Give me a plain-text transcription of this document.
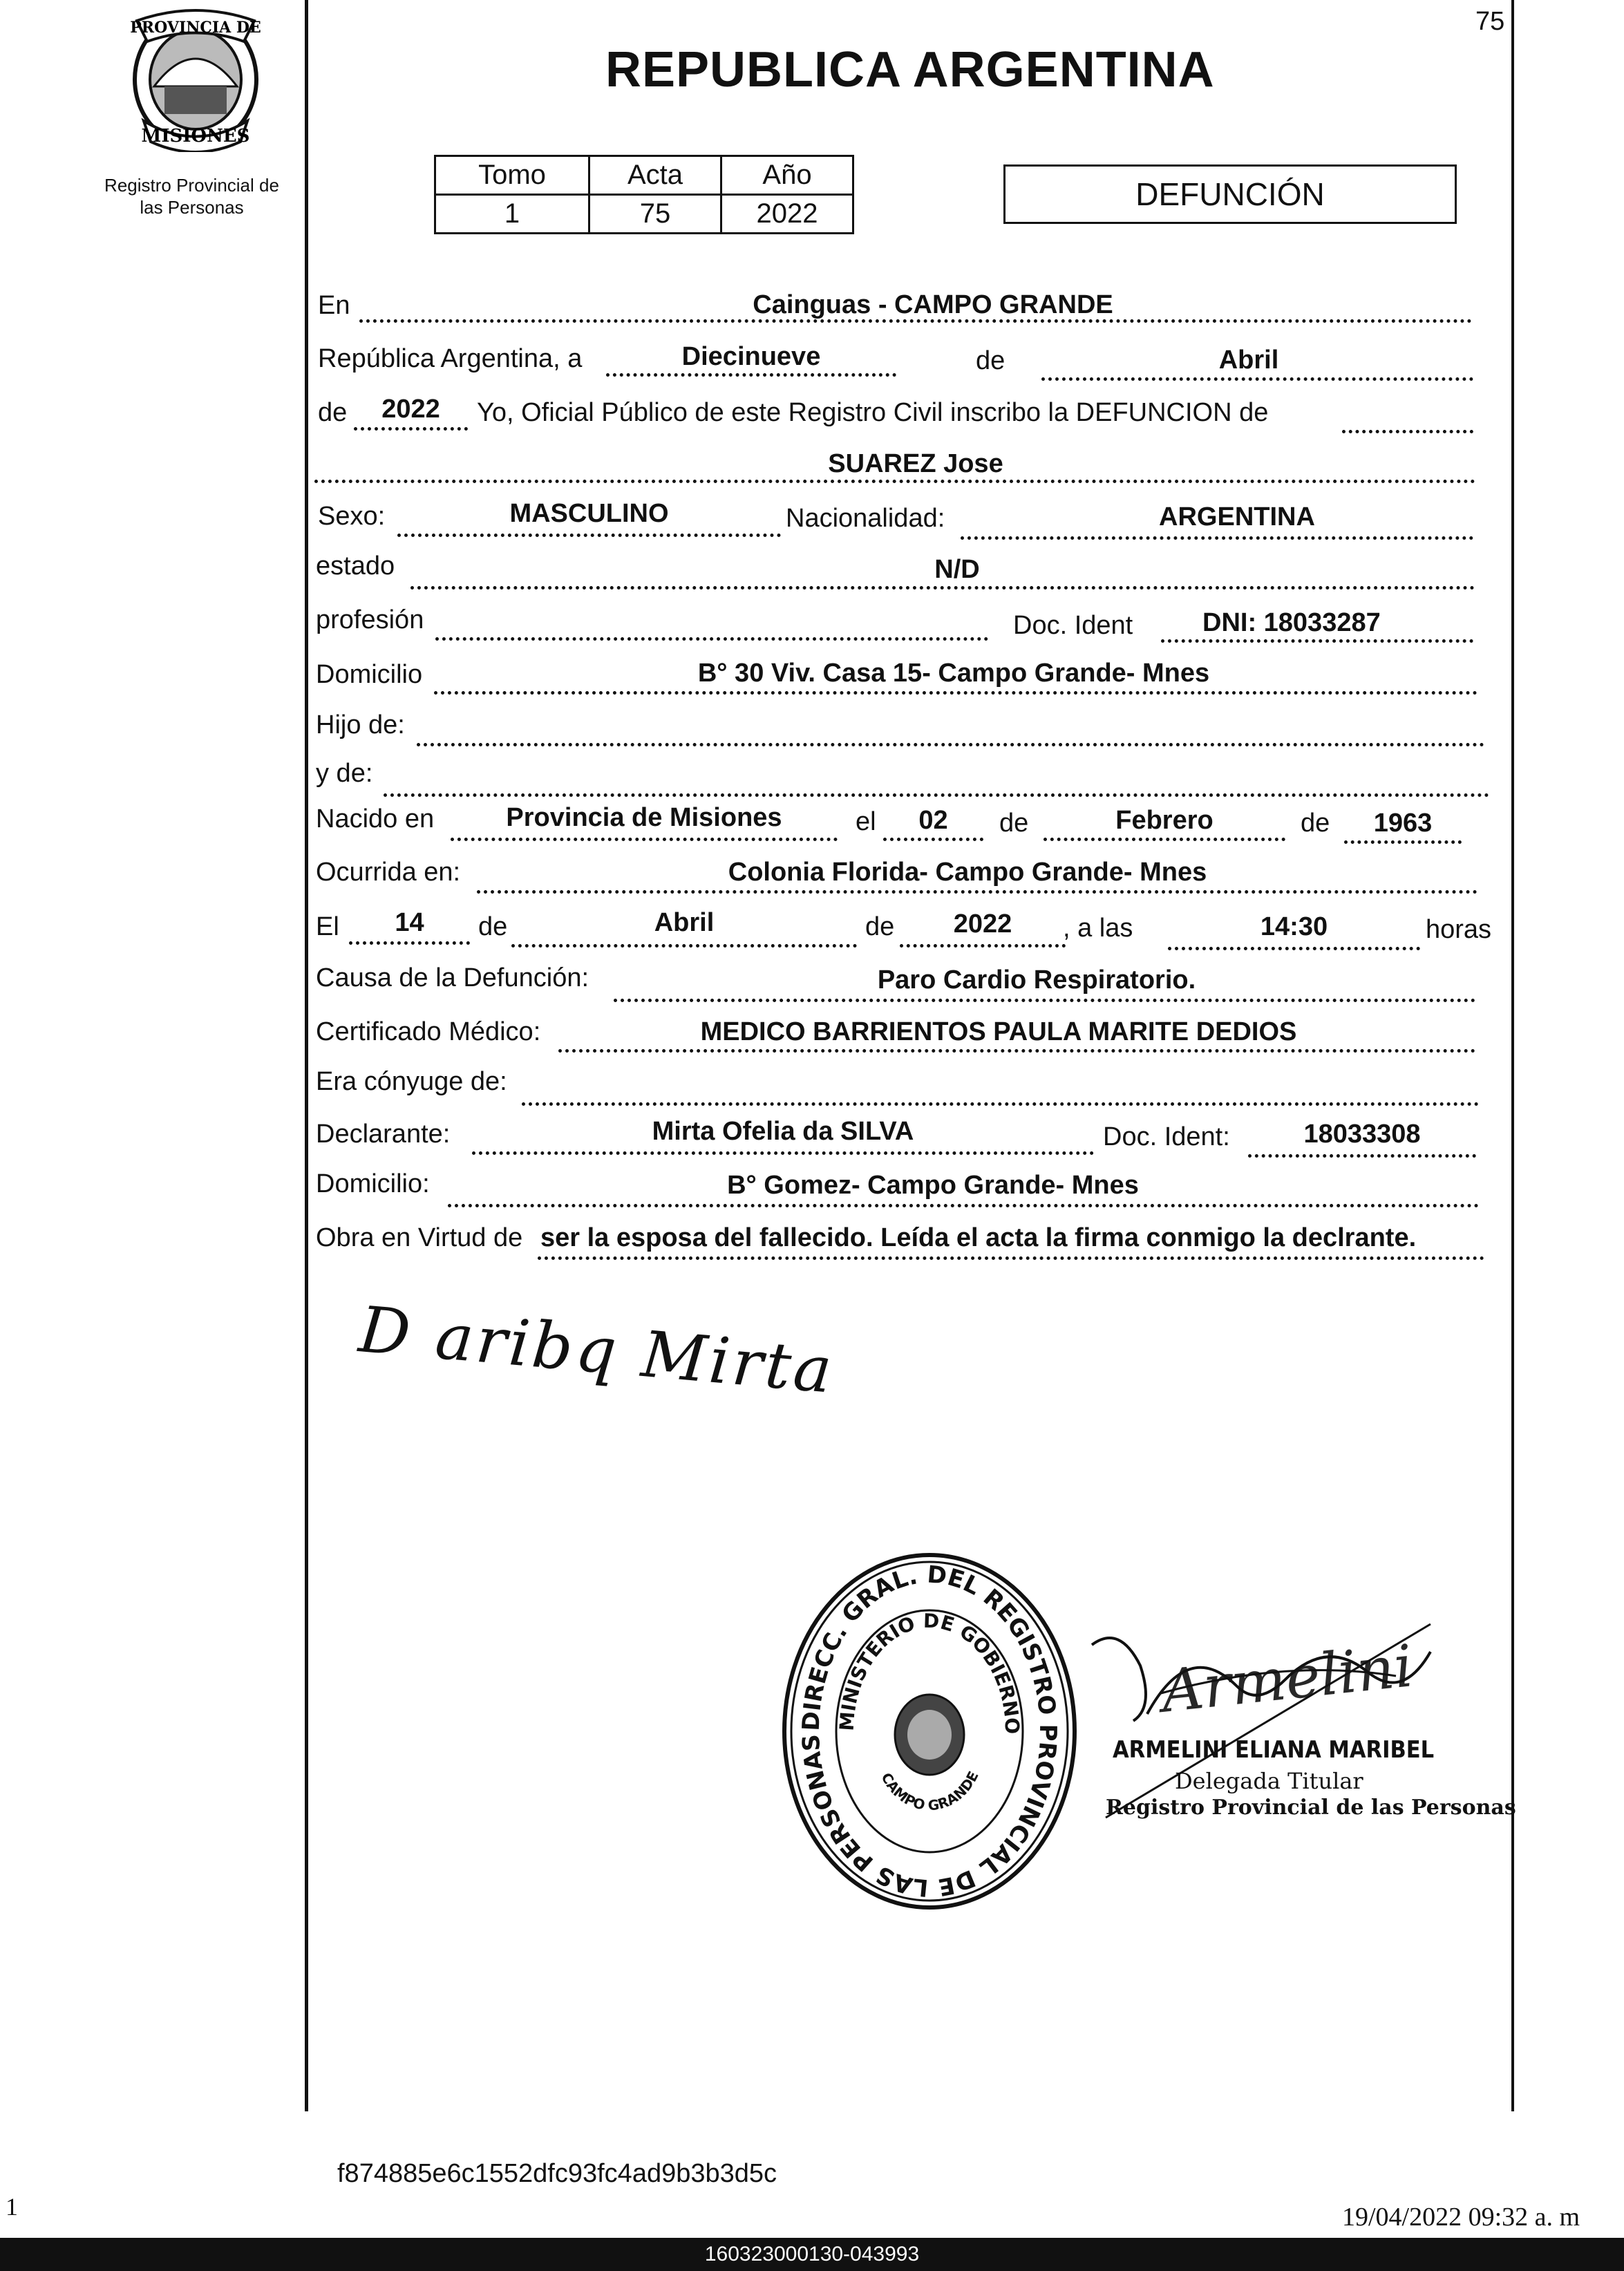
75
PROVINCIA DE
MISIONES
Registro Provincial de
las Personas
REPUBLICA ARGENTINA
Tomo	Acta	Año
1	75	2022
DEFUNCIÓN
En	Cainguas - CAMPO GRANDE
República Argentina, a	Diecinueve	de	Abril
de	2022	Yo, Oficial Público de este Registro Civil inscribo la DEFUNCION de
SUAREZ Jose
Sexo:	MASCULINO	Nacionalidad:	ARGENTINA
estado	N/D
profesión	Doc. Ident	DNI: 18033287
Domicilio	B° 30 Viv. Casa 15- Campo Grande- Mnes
Hijo de:
y de:
Nacido en	Provincia de Misiones	el	02	de	Febrero	de	1963
Ocurrida en:	Colonia Florida- Campo Grande- Mnes
El	14	de	Abril	de	2022	, a las	14:30	horas
Causa de la Defunción:	Paro Cardio Respiratorio.
Certificado Médico:	MEDICO BARRIENTOS PAULA MARITE DEDIOS
Era cónyuge de:
Declarante:	Mirta Ofelia da SILVA	Doc. Ident:	18033308
Domicilio:	B° Gomez- Campo Grande- Mnes
Obra en Virtud de ser la esposa del fallecido. Leída el acta la firma conmigo la declrante.
D aribq Mirta
DIRECC. GRAL. DEL REGISTRO PROVINCIAL DE LAS PERSONAS
MINISTERIO DE GOBIERNO
CAMPO GRANDE
Armelini
ARMELINI ELIANA MARIBEL
Delegada Titular
Registro Provincial de las Personas
f874885e6c1552dfc93fc4ad9b3b3d5c
1	19/04/2022 09:32 a. m
160323000130-043993
